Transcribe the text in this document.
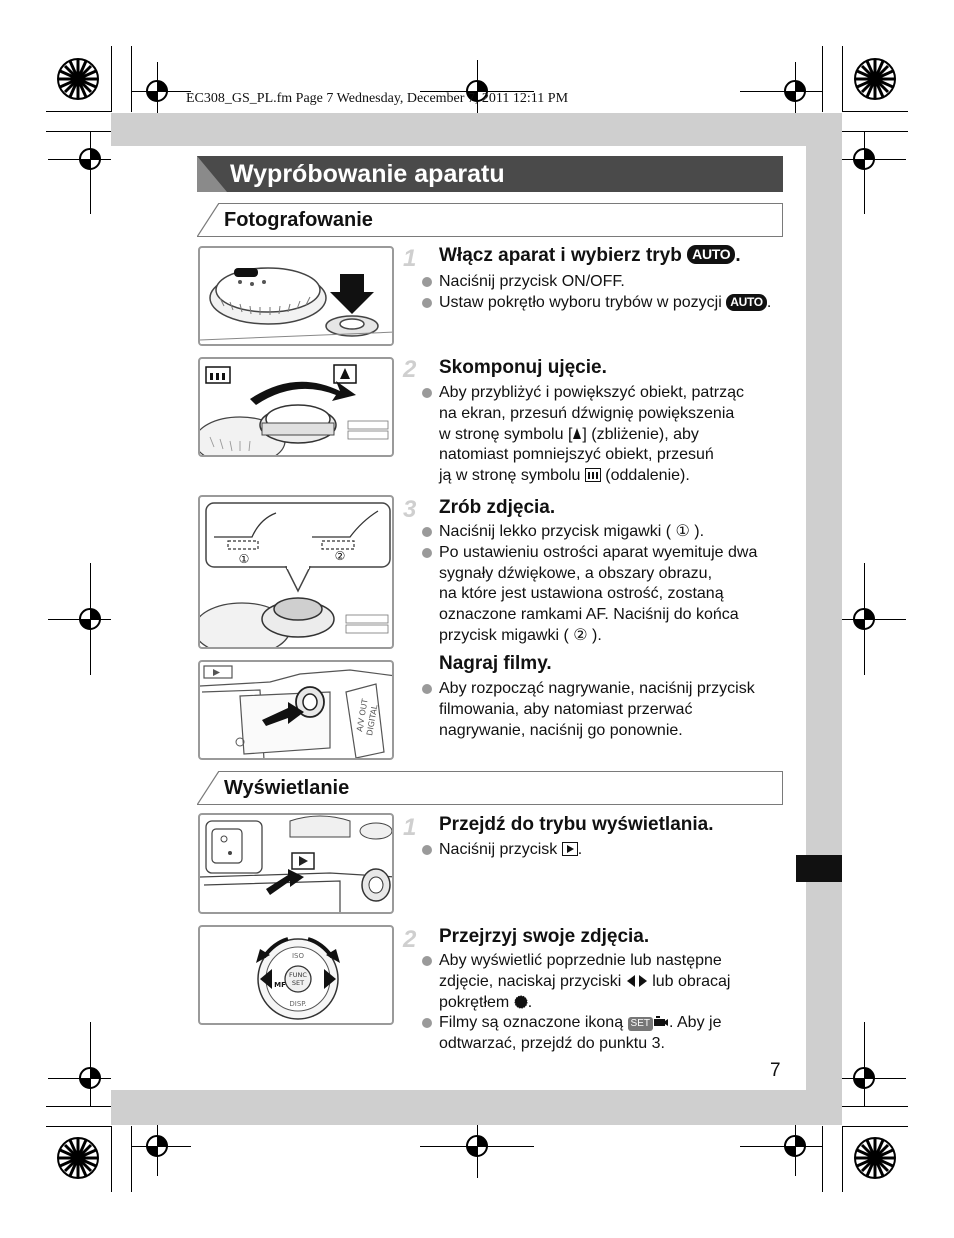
EC308_GS_PL.fm Page 7 Wednesday, December 7, 2011 12:11 PM
Wypróbowanie aparatu
Fotografowanie
1 Włącz aparat i wybierz tryb AUTO .
Naciśnij przycisk ON/OFF.
Ustaw pokrętło wyboru trybów w pozycji AUTO .
2 Skomponuj ujęcie.
Aby przybliżyć i powiększyć obiekt, patrząc
na ekran, przesuń dźwignię powiększenia
w stronę symbolu [ ] (zbliżenie), aby
natomiast pomniejszyć obiekt, przesuń
ją w stronę symbolu (oddalenie).
①	②
3 Zrób zdjęcia.
Naciśnij lekko przycisk migawki ( ① ).
Po ustawieniu ostrości aparat wyemituje dwa
sygnały dźwiękowe, a obszary obrazu,
na które jest ustawiona ostrość, zostaną
oznaczone ramkami AF. Naciśnij do końca
przycisk migawki ( ② ).
A/V OUT
DIGITAL
Nagraj filmy.
Aby rozpocząć nagrywanie, naciśnij przycisk
filmowania, aby natomiast przerwać
nagrywanie, naciśnij go ponownie.
Wyświetlanie
1 Przejdź do trybu wyświetlania.
Naciśnij przycisk .
FUNC
SET
ISO
DISP.
MF
2 Przejrzyj swoje zdjęcia.
Aby wyświetlić poprzednie lub następne
zdjęcie, naciskaj przyciski lub obracaj
pokrętłem .
Filmy są oznaczone ikoną SET . Aby je
odtwarzać, przejdź do punktu 3.
7
